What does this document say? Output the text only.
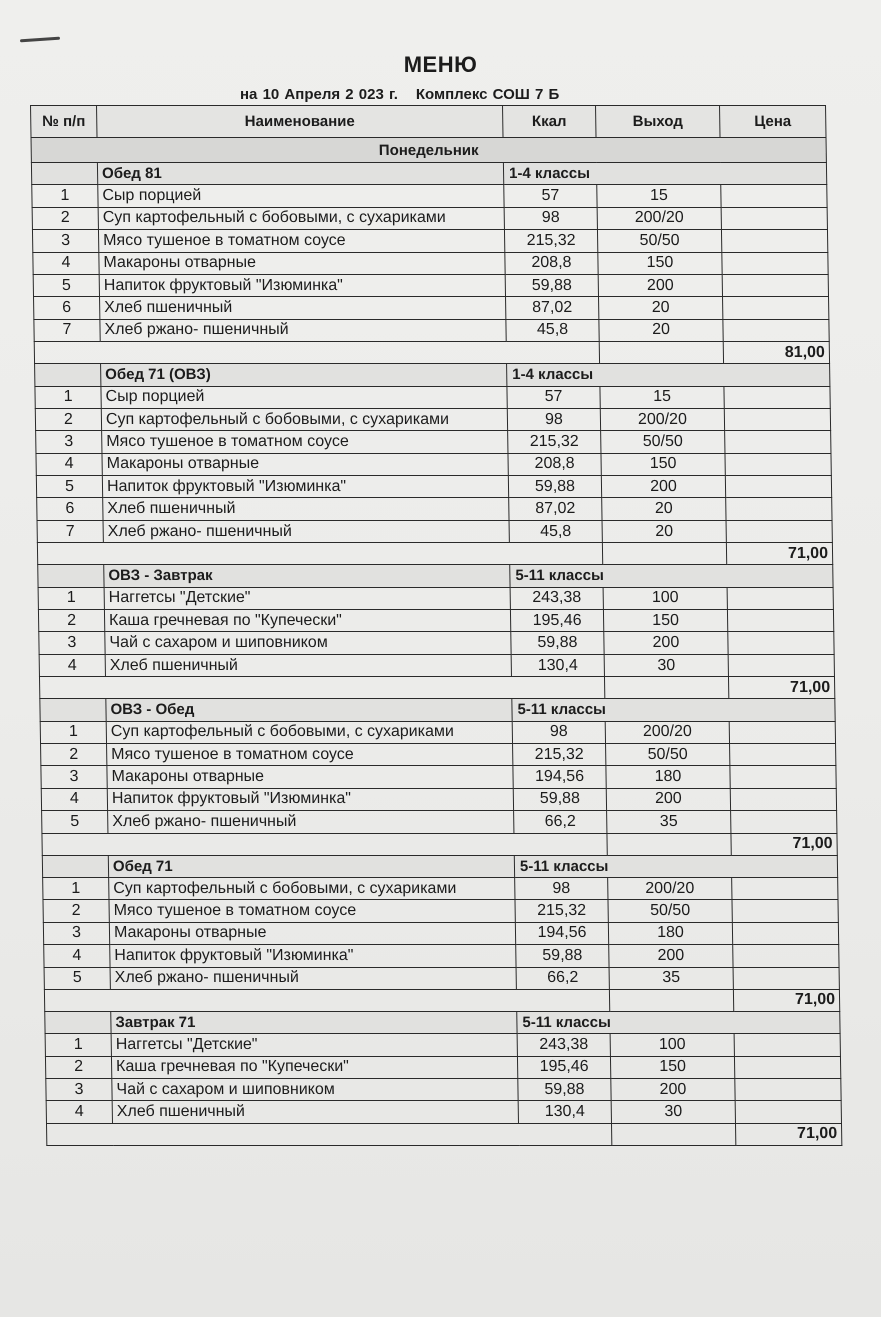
МЕНЮ
на 10 Апреля 2 023 г. Комплекс СОШ 7 Б
№ п/п	Наименование	Ккал	Выход	Цена
Понедельник				
	Обед 81	1-4 классы		
1	Сыр порцией	57	15	
2	Суп картофельный с бобовыми, с сухариками	98	200/20	
3	Мясо тушеное в томатном соусе	215,32	50/50	
4	Макароны отварные	208,8	150	
5	Напиток фруктовый "Изюминка"	59,88	200	
6	Хлеб пшеничный	87,02	20	
7	Хлеб ржано- пшеничный	45,8	20	
				81,00
	Обед 71 (ОВЗ)	1-4 классы		
1	Сыр порцией	57	15	
2	Суп картофельный с бобовыми, с сухариками	98	200/20	
3	Мясо тушеное в томатном соусе	215,32	50/50	
4	Макароны отварные	208,8	150	
5	Напиток фруктовый "Изюминка"	59,88	200	
6	Хлеб пшеничный	87,02	20	
7	Хлеб ржано- пшеничный	45,8	20	
				71,00
	ОВЗ - Завтрак	5-11 классы		
1	Наггетсы "Детские"	243,38	100	
2	Каша гречневая по "Купечески"	195,46	150	
3	Чай с сахаром и шиповником	59,88	200	
4	Хлеб пшеничный	130,4	30	
				71,00
	ОВЗ - Обед	5-11 классы		
1	Суп картофельный с бобовыми, с сухариками	98	200/20	
2	Мясо тушеное в томатном соусе	215,32	50/50	
3	Макароны отварные	194,56	180	
4	Напиток фруктовый "Изюминка"	59,88	200	
5	Хлеб ржано- пшеничный	66,2	35	
				71,00
	Обед 71	5-11 классы		
1	Суп картофельный с бобовыми, с сухариками	98	200/20	
2	Мясо тушеное в томатном соусе	215,32	50/50	
3	Макароны отварные	194,56	180	
4	Напиток фруктовый "Изюминка"	59,88	200	
5	Хлеб ржано- пшеничный	66,2	35	
				71,00
	Завтрак 71	5-11 классы		
1	Наггетсы "Детские"	243,38	100	
2	Каша гречневая по "Купечески"	195,46	150	
3	Чай с сахаром и шиповником	59,88	200	
4	Хлеб пшеничный	130,4	30	
				71,00
